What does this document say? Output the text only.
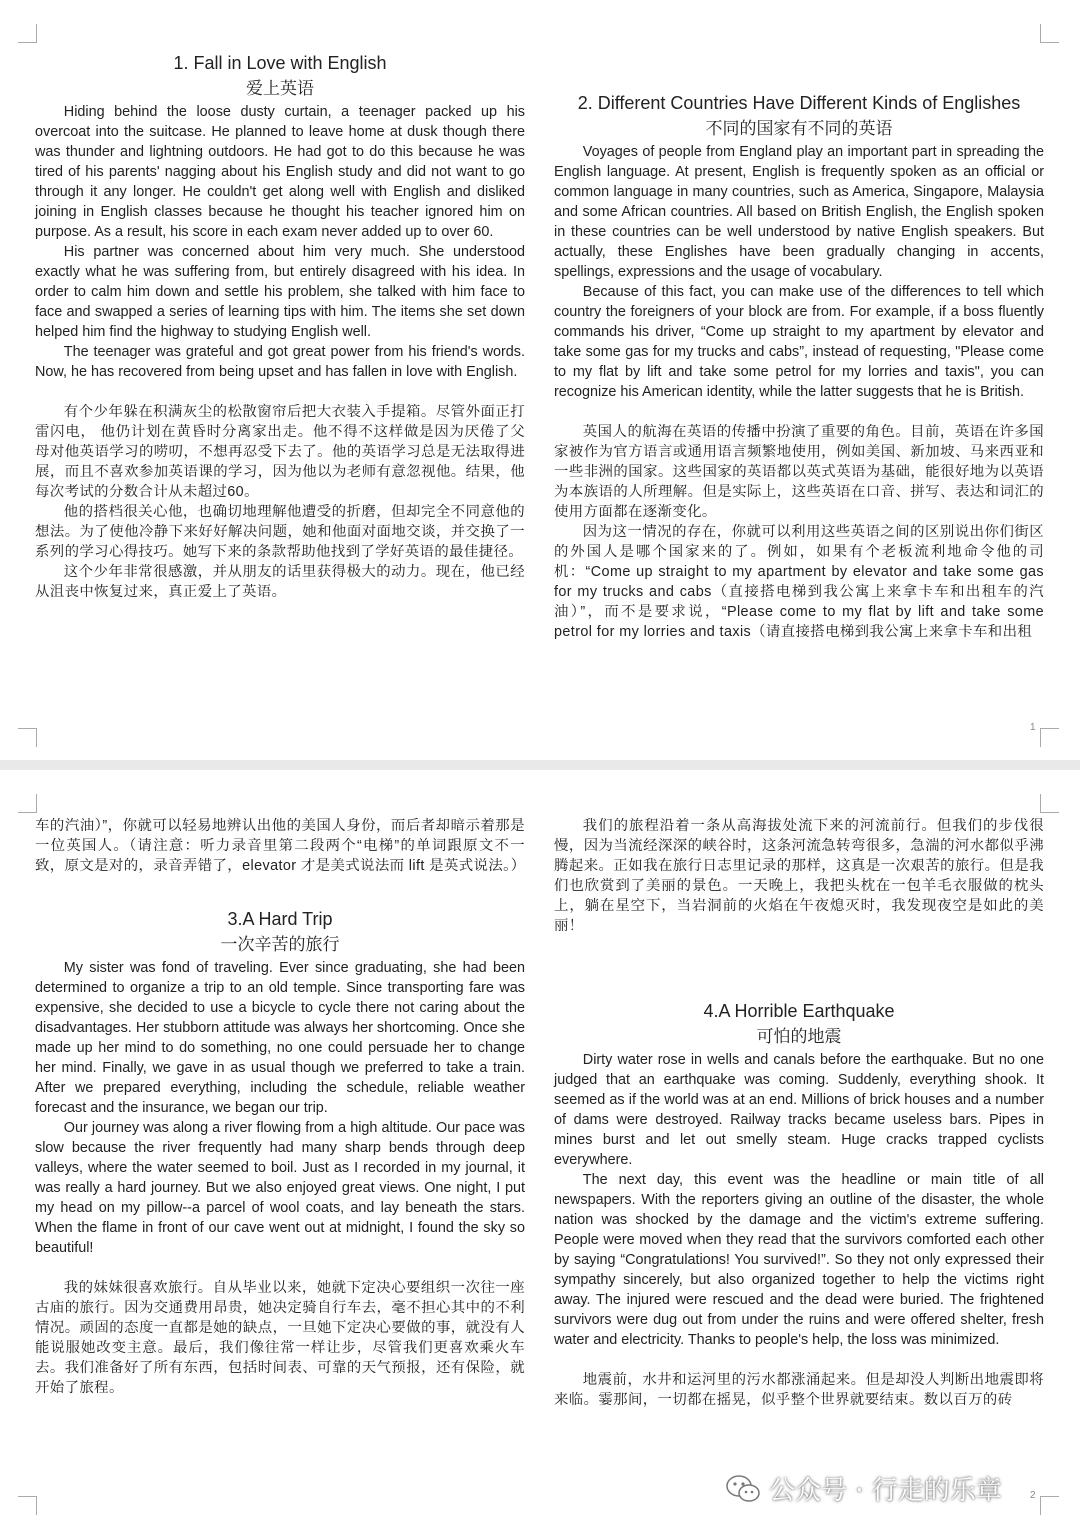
1

1. Fall in Love with English

爱上英语

Hiding behind the loose dusty curtain, a teenager packed up his overcoat into the suitcase. He planned to leave home at dusk though there was thunder and lightning outdoors. He had got to do this because he was tired of his parents' nagging about his English study and did not want to go through it any longer. He couldn't get along well with English and disliked joining in English classes because he thought his teacher ignored him on purpose. As a result, his score in each exam never added up to over 60.

His partner was concerned about him very much. She understood exactly what he was suffering from, but entirely disagreed with his idea. In order to calm him down and settle his problem, she talked with him face to face and swapped a series of learning tips with him. The items she set down helped him find the highway to studying English well.

The teenager was grateful and got great power from his friend's words. Now, he has recovered from being upset and has fallen in love with English.

有个少年躲在积满灰尘的松散窗帘后把大衣装入手提箱。尽管外面正打雷闪电， 他仍计划在黄昏时分离家出走。他不得不这样做是因为厌倦了父母对他英语学习的唠叨，不想再忍受下去了。他的英语学习总是无法取得进展，而且不喜欢参加英语课的学习，因为他以为老师有意忽视他。结果，他每次考试的分数合计从未超过60。

他的搭档很关心他，也确切地理解他遭受的折磨，但却完全不同意他的想法。为了使他冷静下来好好解决问题，她和他面对面地交谈，并交换了一系列的学习心得技巧。她写下来的条款帮助他找到了学好英语的最佳捷径。

这个少年非常很感激，并从朋友的话里获得极大的动力。现在，他已经从沮丧中恢复过来，真正爱上了英语。

2. Different Countries Have Different Kinds of Englishes

不同的国家有不同的英语

Voyages of people from England play an important part in spreading the English language. At present, English is frequently spoken as an official or common language in many countries, such as America, Singapore, Malaysia and some African countries. All based on British English, the English spoken in these countries can be well understood by native English speakers. But actually, these Englishes have been gradually changing in accents, spellings, expressions and the usage of vocabulary.

Because of this fact, you can make use of the differences to tell which country the foreigners of your block are from. For example, if a boss fluently commands his driver, “Come up straight to my apartment by elevator and take some gas for my trucks and cabs”, instead of requesting, "Please come to my flat by lift and take some petrol for my lorries and taxis", you can recognize his American identity, while the latter suggests that he is British.

英国人的航海在英语的传播中扮演了重要的角色。目前，英语在许多国家被作为官方语言或通用语言频繁地使用，例如美国、新加坡、马来西亚和一些非洲的国家。这些国家的英语都以英式英语为基础，能很好地为以英语为本族语的人所理解。但是实际上，这些英语在口音、拼写、表达和词汇的使用方面都在逐渐变化。

因为这一情况的存在，你就可以利用这些英语之间的区别说出你们街区的外国人是哪个国家来的了。例如，如果有个老板流利地命令他的司机：“Come up straight to my apartment by elevator and take some gas for my trucks and cabs（直接搭电梯到我公寓上来拿卡车和出租车的汽油）”，而不是要求说，“Please come to my flat by lift and take some petrol for my lorries and taxis（请直接搭电梯到我公寓上来拿卡车和出租

2

车的汽油）”，你就可以轻易地辨认出他的美国人身份，而后者却暗示着那是一位英国人。（请注意：听力录音里第二段两个“电梯”的单词跟原文不一致，原文是对的，录音弄错了，elevator 才是美式说法而 lift 是英式说法。）

3.A Hard Trip

一次辛苦的旅行

My sister was fond of traveling. Ever since graduating, she had been determined to organize a trip to an old temple. Since transporting fare was expensive, she decided to use a bicycle to cycle there not caring about the disadvantages. Her stubborn attitude was always her shortcoming. Once she made up her mind to do something, no one could persuade her to change her mind. Finally, we gave in as usual though we preferred to take a train. After we prepared everything, including the schedule, reliable weather forecast and the insurance, we began our trip.

Our journey was along a river flowing from a high altitude. Our pace was slow because the river frequently had many sharp bends through deep valleys, where the water seemed to boil. Just as I recorded in my journal, it was really a hard journey. But we also enjoyed great views. One night, I put my head on my pillow--a parcel of wool coats, and lay beneath the stars. When the flame in front of our cave went out at midnight, I found the sky so beautiful!

我的妹妹很喜欢旅行。自从毕业以来，她就下定决心要组织一次往一座古庙的旅行。因为交通费用昂贵，她决定骑自行车去，毫不担心其中的不利情况。顽固的态度一直都是她的缺点，一旦她下定决心要做的事，就没有人能说服她改变主意。最后，我们像往常一样让步，尽管我们更喜欢乘火车去。我们准备好了所有东西，包括时间表、可靠的天气预报，还有保险，就开始了旅程。

我们的旅程沿着一条从高海拔处流下来的河流前行。但我们的步伐很慢，因为当流经深深的峡谷时，这条河流急转弯很多，急湍的河水都似乎沸腾起来。正如我在旅行日志里记录的那样，这真是一次艰苦的旅行。但是我们也欣赏到了美丽的景色。一天晚上，我把头枕在一包羊毛衣服做的枕头上，躺在星空下，当岩洞前的火焰在午夜熄灭时，我发现夜空是如此的美丽！

4.A Horrible Earthquake

可怕的地震

Dirty water rose in wells and canals before the earthquake. But no one judged that an earthquake was coming. Suddenly, everything shook. It seemed as if the world was at an end. Millions of brick houses and a number of dams were destroyed. Railway tracks became useless bars. Pipes in mines burst and let out smelly steam. Huge cracks trapped cyclists everywhere.

The next day, this event was the headline or main title of all newspapers. With the reporters giving an outline of the disaster, the whole nation was shocked by the damage and the victim's extreme suffering. People were moved when they read that the survivors comforted each other by saying “Congratulations! You survived!”. So they not only expressed their sympathy sincerely, but also organized together to help the victims right away. The injured were rescued and the dead were buried. The frightened survivors were dug out from under the ruins and were offered shelter, fresh water and electricity. Thanks to people's help, the loss was minimized.

地震前，水井和运河里的污水都涨涌起来。但是却没人判断出地震即将来临。霎那间，一切都在摇晃，似乎整个世界就要结束。数以百万的砖

公众号 · 行走的乐章
